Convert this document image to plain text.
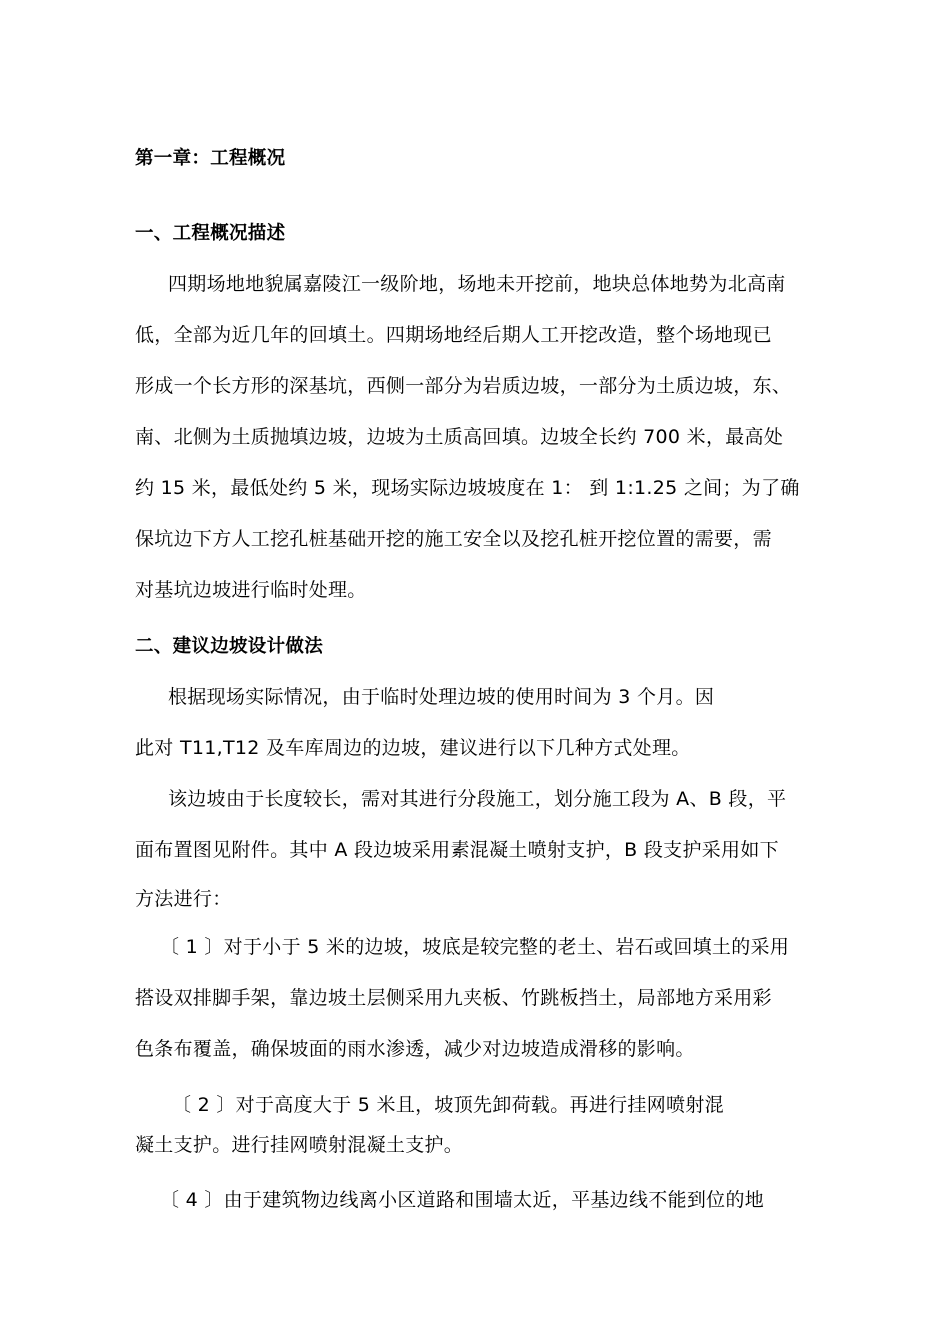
第一章：工程概况
一、工程概况描述
四期场地地貌属嘉陵江一级阶地，场地未开挖前，地块总体地势为北高南
低，全部为近几年的回填土。四期场地经后期人工开挖改造，整个场地现已
形成一个长方形的深基坑，西侧一部分为岩质边坡，一部分为土质边坡，东、
南、北侧为土质抛填边坡，边坡为土质高回填。边坡全长约 700 米，最高处
约 15 米，最低处约 5 米，现场实际边坡坡度在 1： 到 1:1.25 之间；为了确
保坑边下方人工挖孔桩基础开挖的施工安全以及挖孔桩开挖位置的需要，需
对基坑边坡进行临时处理。
二、建议边坡设计做法
根据现场实际情况，由于临时处理边坡的使用时间为 3 个月。因
此对 T11,T12 及车库周边的边坡，建议进行以下几种方式处理。
该边坡由于长度较长，需对其进行分段施工，划分施工段为 A、B 段，平
面布置图见附件。其中 A 段边坡采用素混凝土喷射支护，B 段支护采用如下
方法进行：
〔 1 〕对于小于 5 米的边坡，坡底是较完整的老土、岩石或回填土的采用
搭设双排脚手架，靠边坡土层侧采用九夹板、竹跳板挡土，局部地方采用彩
色条布覆盖，确保坡面的雨水渗透，减少对边坡造成滑移的影响。
〔 2 〕对于高度大于 5 米且，坡顶先卸荷载。再进行挂网喷射混
凝土支护。进行挂网喷射混凝土支护。
〔 4 〕由于建筑物边线离小区道路和围墙太近，平基边线不能到位的地
